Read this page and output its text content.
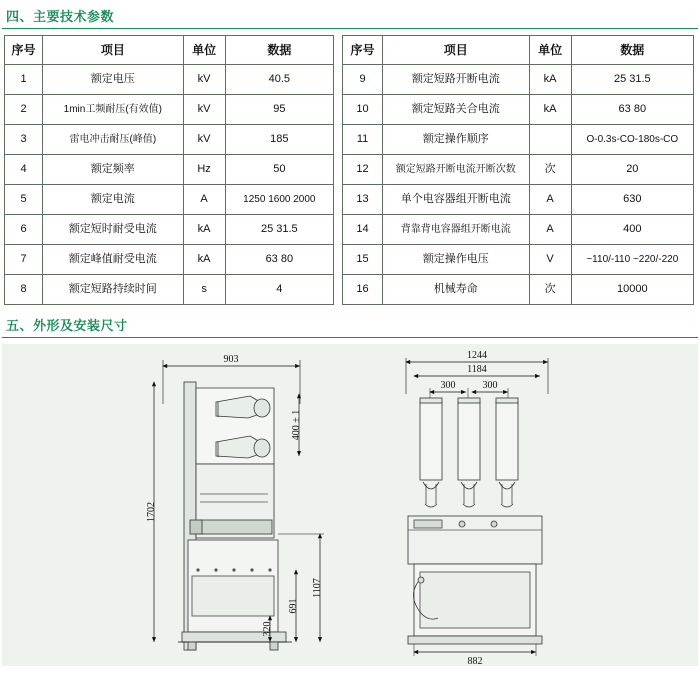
四、主要技术参数
序号	项目	单位	数据
1	额定电压	kV	40.5
2	1min工频耐压(有效值)	kV	95
3	雷电冲击耐压(峰值)	kV	185
4	额定频率	Hz	50
5	额定电流	A	1250 1600 2000
6	额定短时耐受电流	kA	25 31.5
7	额定峰值耐受电流	kA	63 80
8	额定短路持续时间	s	4
序号	项目	单位	数据
9	额定短路开断电流	kA	25 31.5
10	额定短路关合电流	kA	63 80
11	额定操作顺序		O-0.3s-CO-180s-CO
12	额定短路开断电流开断次数	次	20
13	单个电容器组开断电流	A	630
14	背靠背电容器组开断电流	A	400
15	额定操作电压	V	~110/-110 ~220/-220
16	机械寿命	次	10000
五、外形及安装尺寸
903
1702
400 ± 1
1107
691
320
1244
1184
300	300
882
